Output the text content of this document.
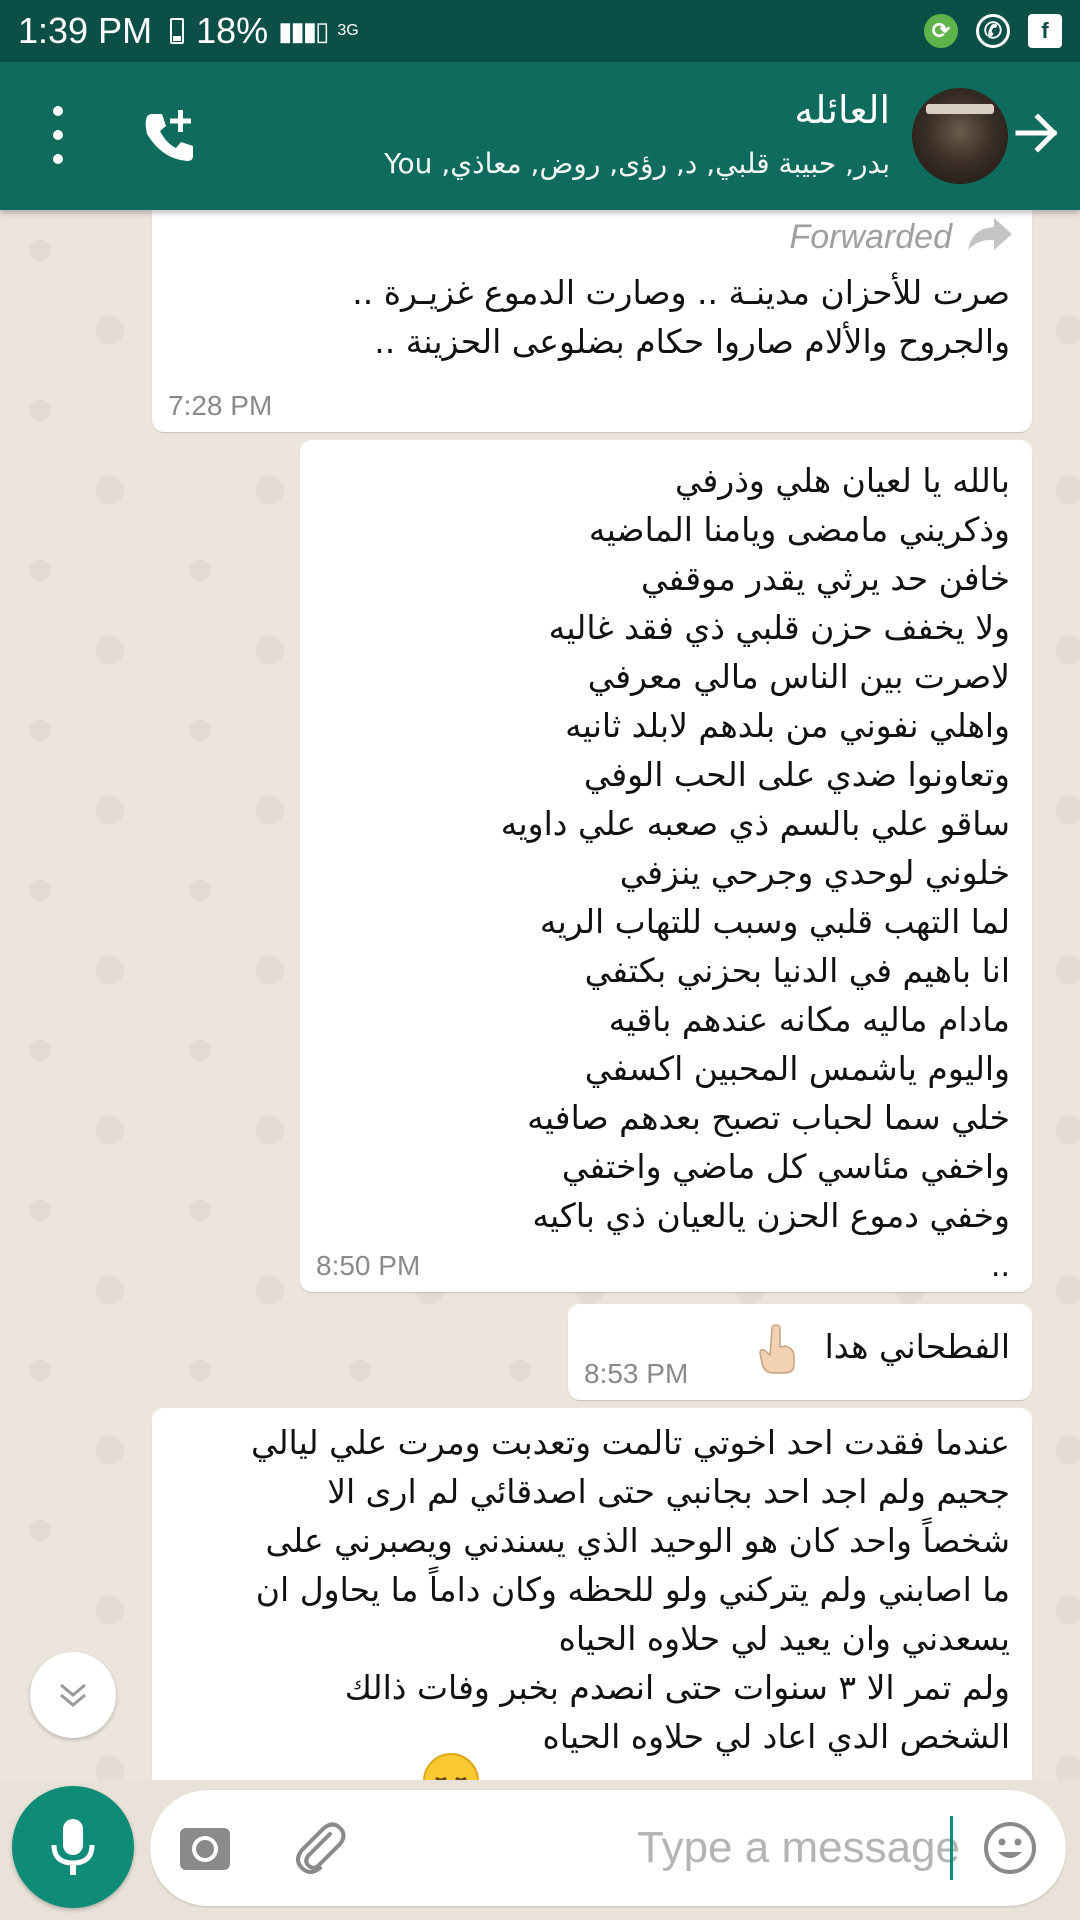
1:39 PM 18% ▮▮▮▯ 3G	⟳	✆	f
العائله
بدر, حبيبة قلبي, د, رؤى, روض, معاذي, You
Forwarded
صرت للأحزان مدينـة .. وصارت الدموع غزيـرة ..
والجروح والألام صاروا حكام بضلوعى الحزينة ..
7:28 PM
بالله يا لعيان هلي وذرفي
وذكريني مامضى ويامنا الماضيه
خافن حد يرثي يقدر موقفي
ولا يخفف حزن قلبي ذي فقد غاليه
لاصرت بين الناس مالي معرفي
واهلي نفوني من بلدهم لابلد ثانيه
وتعاونوا ضدي على الحب الوفي
ساقو علي بالسم ذي صعبه علي داويه
خلوني لوحدي وجرحي ينزفي
لما التهب قلبي وسبب للتهاب الريه
انا باهيم في الدنيا بحزني بكتفي
مادام ماليه مكانه عندهم باقيه
واليوم ياشمس المحبين اكسفي
خلي سما لحباب تصبح بعدهم صافيه
واخفي مئاسي كل ماضي واختفي
وخفي دموع الحزن يالعيان ذي باكيه
..
8:50 PM
الفطحاني هدا
8:53 PM
عندما فقدت احد اخوتي تالمت وتعدبت ومرت علي ليالي
جحيم ولم اجد احد بجانبي حتى اصدقائي لم ارى الا
شخصاً واحد كان هو الوحيد الذي يسندني ويصبرني على
ما اصابني ولم يتركني ولو للحظه وكان داماً ما يحاول ان
يسعدني وان يعيد لي حلاوه الحياه
ولم تمر الا ٣ سنوات حتى انصدم بخبر وفات ذالك
الشخص الدي اعاد لي حلاوه الحياه
Type a message
